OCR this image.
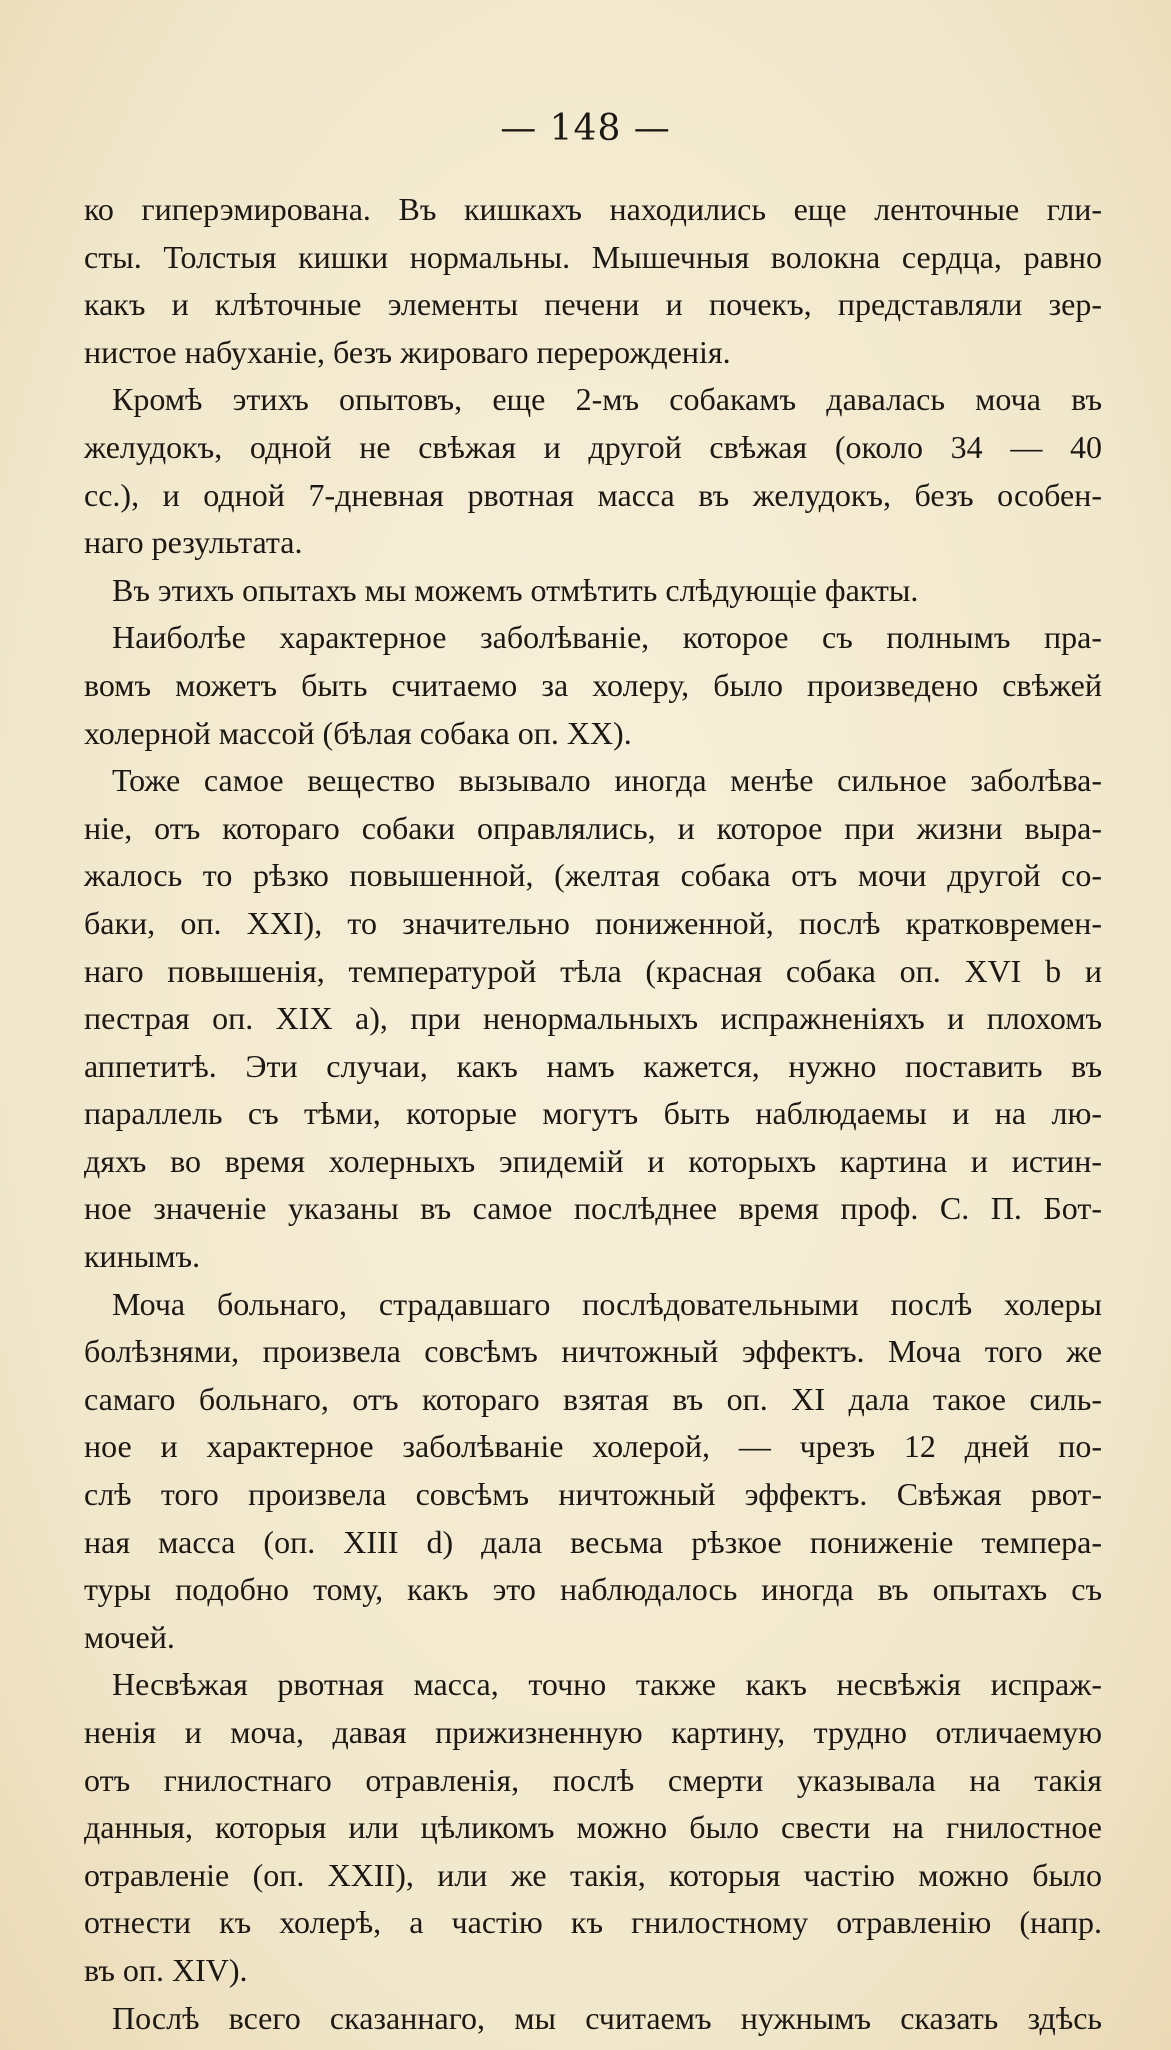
— 148 —
ко гиперэмирована. Въ кишкахъ находились еще ленточные гли-
сты. Толстыя кишки нормальны. Мышечныя волокна сердца, равно
какъ и клѣточные элементы печени и почекъ, представляли зер-
нистое набуханіе, безъ жироваго перерожденія.
Кромѣ этихъ опытовъ, еще 2-мъ собакамъ давалась моча въ
желудокъ, одной не свѣжая и другой свѣжая (около 34 — 40
сс.), и одной 7-дневная рвотная масса въ желудокъ, безъ особен-
наго результата.
Въ этихъ опытахъ мы можемъ отмѣтить слѣдующіе факты.
Наиболѣе характерное заболѣваніе, которое съ полнымъ пра-
вомъ можетъ быть считаемо за холеру, было произведено свѣжей
холерной массой (бѣлая собака оп. XX).
Тоже самое вещество вызывало иногда менѣе сильное заболѣва-
ніе, отъ котораго собаки оправлялись, и которое при жизни выра-
жалось то рѣзко повышенной, (желтая собака отъ мочи другой со-
баки, оп. XXI), то значительно пониженной, послѣ кратковремен-
наго повышенія, температурой тѣла (красная собака оп. XVI b и
пестрая оп. XIX a), при ненормальныхъ испражненіяхъ и плохомъ
аппетитѣ. Эти случаи, какъ намъ кажется, нужно поставить въ
параллель съ тѣми, которые могутъ быть наблюдаемы и на лю-
дяхъ во время холерныхъ эпидемій и которыхъ картина и истин-
ное значеніе указаны въ самое послѣднее время проф. С. П. Бот-
кинымъ.
Моча больнаго, страдавшаго послѣдовательными послѣ холеры
болѣзнями, произвела совсѣмъ ничтожный эффектъ. Моча того же
самаго больнаго, отъ котораго взятая въ оп. XI дала такое силь-
ное и характерное заболѣваніе холерой, — чрезъ 12 дней по-
слѣ того произвела совсѣмъ ничтожный эффектъ. Свѣжая рвот-
ная масса (оп. XIII d) дала весьма рѣзкое пониженіе темпера-
туры подобно тому, какъ это наблюдалось иногда въ опытахъ съ
мочей.
Несвѣжая рвотная масса, точно также какъ несвѣжія испраж-
ненія и моча, давая прижизненную картину, трудно отличаемую
отъ гнилостнаго отравленія, послѣ смерти указывала на такія
данныя, которыя или цѣликомъ можно было свести на гнилостное
отравленіе (оп. XXII), или же такія, которыя частію можно было
отнести къ холерѣ, а частію къ гнилостному отравленію (напр.
въ оп. XIV).
Послѣ всего сказаннаго, мы считаемъ нужнымъ сказать здѣсь
